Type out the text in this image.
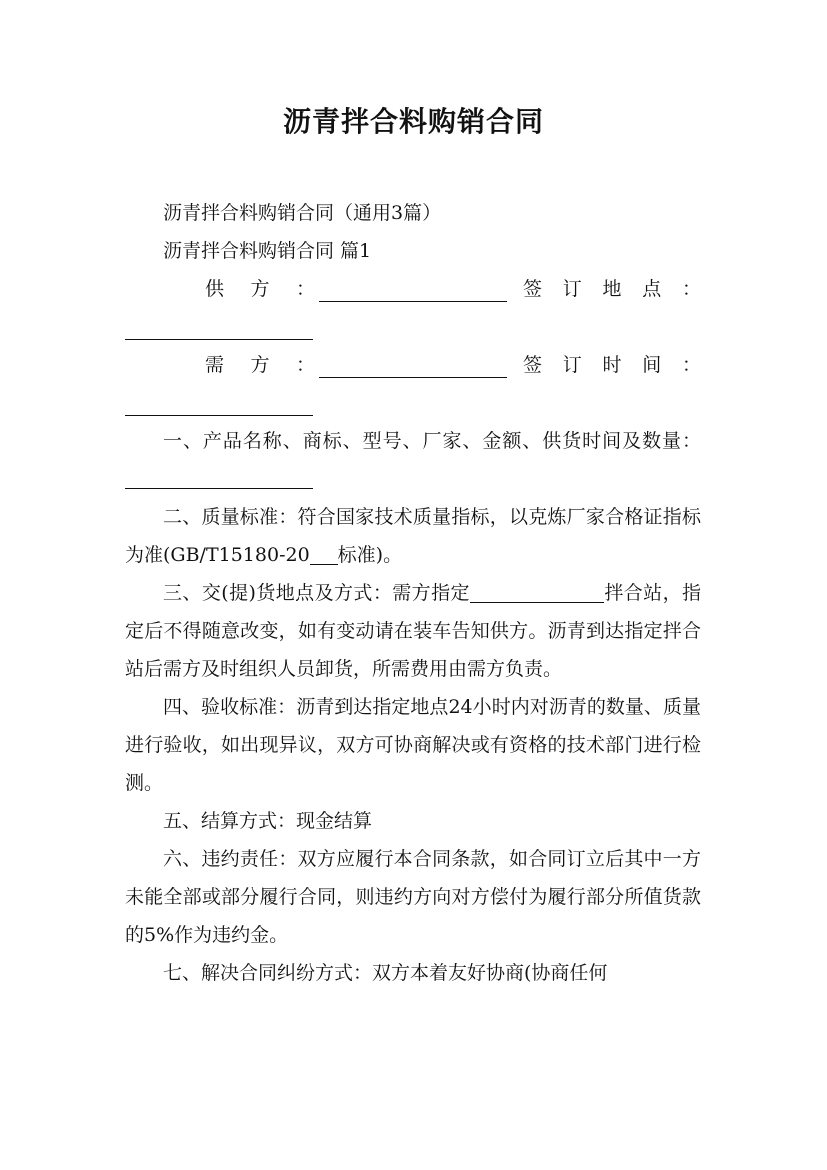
沥青拌合料购销合同

沥青拌合料购销合同（通用3篇）

沥青拌合料购销合同 篇1

供 方 ：	签 订 地 点 ：
需 方 ：	签 订 时 间 ：

一、产品名称、商标、型号、厂家、金额、供货时间及数量：

二、质量标准：符合国家技术质量指标，以克炼厂家合格证指标为准(GB/T15180-20 标准)。

三、交(提)货地点及方式：需方指定	拌合站，指定后不得随意改变，如有变动请在装车告知供方。沥青到达指定拌合站后需方及时组织人员卸货，所需费用由需方负责。

四、验收标准：沥青到达指定地点24小时内对沥青的数量、质量进行验收，如出现异议，双方可协商解决或有资格的技术部门进行检测。

五、结算方式：现金结算

六、违约责任：双方应履行本合同条款，如合同订立后其中一方未能全部或部分履行合同，则违约方向对方偿付为履行部分所值货款的5%作为违约金。

七、解决合同纠纷方式：双方本着友好协商(协商任何
